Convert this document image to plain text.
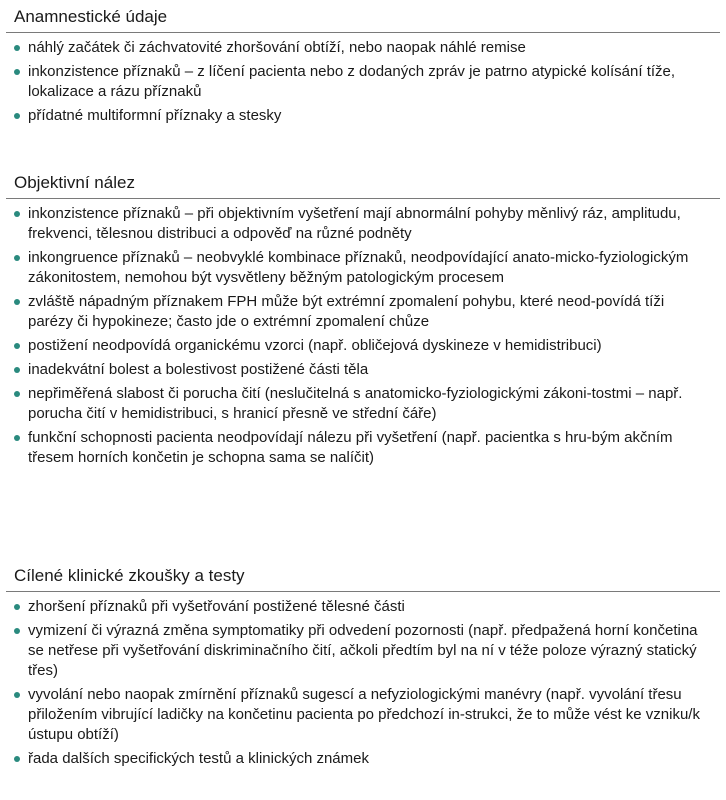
Anamnestické údaje
náhlý začátek či záchvatovité zhoršování obtíží, nebo naopak náhlé remise
inkonzistence příznaků – z líčení pacienta nebo z dodaných zpráv je patrno atypické kolísání tíže, lokalizace a rázu příznaků
přídatné multiformní příznaky a stesky
Objektivní nález
inkonzistence příznaků – při objektivním vyšetření mají abnormální pohyby měnlivý ráz, amplitudu, frekvenci, tělesnou distribuci a odpověď na různé podněty
inkongruence příznaků – neobvyklé kombinace příznaků, neodpovídající anato-micko-fyziologickým zákonitostem, nemohou být vysvětleny běžným patologickým procesem
zvláště nápadným příznakem FPH může být extrémní zpomalení pohybu, které neod-povídá tíži parézy či hypokineze; často jde o extrémní zpomalení chůze
postižení neodpovídá organickému vzorci (např. obličejová dyskineze v hemidistribuci)
inadekvátní bolest a bolestivost postižené části těla
nepřiměřená slabost či porucha čití (neslučitelná s anatomicko-fyziologickými zákoni-tostmi – např. porucha čití v hemidistribuci, s hranicí přesně ve střední čáře)
funkční schopnosti pacienta neodpovídají nálezu při vyšetření (např. pacientka s hru-bým akčním třesem horních končetin je schopna sama se nalíčit)
Cílené klinické zkoušky a testy
zhoršení příznaků při vyšetřování postižené tělesné části
vymizení či výrazná změna symptomatiky při odvedení pozornosti (např. předpažená horní končetina se netřese při vyšetřování diskriminačního čití, ačkoli předtím byl na ní v téže poloze výrazný statický třes)
vyvolání nebo naopak zmírnění příznaků sugescí a nefyziologickými manévry (např. vyvolání třesu přiložením vibrující ladičky na končetinu pacienta po předchozí in-strukci, že to může vést ke vzniku/k ústupu obtíží)
řada dalších specifických testů a klinických známek
